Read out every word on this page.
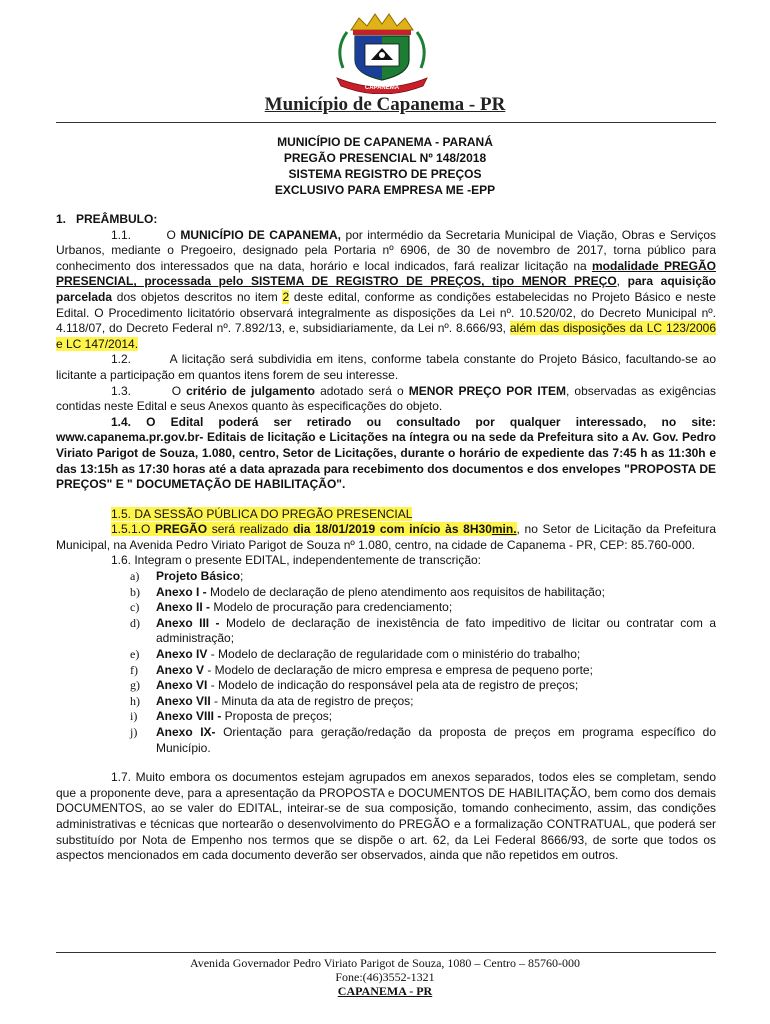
CAPANEMA
Município de Capanema - PR
MUNICÍPIO DE CAPANEMA - PARANÁ
PREGÃO PRESENCIAL Nº 148/2018
SISTEMA REGISTRO DE PREÇOS
EXCLUSIVO PARA EMPRESA ME -EPP

1.   PREÂMBULO:

1.1.	O MUNICÍPIO DE CAPANEMA, por intermédio da Secretaria Municipal de Viação, Obras e Serviços Urbanos, mediante o Pregoeiro, designado pela Portaria nº 6906, de 30 de novembro de 2017, torna público para conhecimento dos interessados que na data, horário e local indicados, fará realizar licitação na modalidade PREGÃO PRESENCIAL, processada pelo SISTEMA DE REGISTRO DE PREÇOS, tipo MENOR PREÇO, para aquisição parcelada dos objetos descritos no item 2 deste edital, conforme as condições estabelecidas no Projeto Básico e neste Edital. O Procedimento licitatório observará integralmente as disposições da Lei nº. 10.520/02, do Decreto Municipal nº. 4.118/07, do Decreto Federal nº. 7.892/13, e, subsidiariamente, da Lei nº. 8.666/93, além das disposições da LC 123/2006 e LC 147/2014.

1.2.	A licitação será subdividia em itens, conforme tabela constante do Projeto Básico, facultando-se ao licitante a participação em quantos itens forem de seu interesse.

1.3.	O critério de julgamento adotado será o MENOR PREÇO POR ITEM, observadas as exigências contidas neste Edital e seus Anexos quanto às especificações do objeto.

1.4. O Edital poderá ser retirado ou consultado por qualquer interessado, no site: www.capanema.pr.gov.br- Editais de licitação e Licitações na íntegra ou na sede da Prefeitura sito a Av. Gov. Pedro Viriato Parigot de Souza, 1.080, centro, Setor de Licitações, durante o horário de expediente das 7:45 h as 11:30h e das 13:15h as 17:30 horas até a data aprazada para recebimento dos documentos e dos envelopes "PROPOSTA DE PREÇOS" E " DOCUMETAÇÃO DE HABILITAÇÃO".

1.5. DA SESSÃO PÚBLICA DO PREGÃO PRESENCIAL

1.5.1.O PREGÃO será realizado dia 18/01/2019 com início às 8H30min., no Setor de Licitação da Prefeitura Municipal, na Avenida Pedro Viriato Parigot de Souza nº 1.080, centro, na cidade de Capanema - PR, CEP: 85.760-000.

1.6. Integram o presente EDITAL, independentemente de transcrição:

a) Projeto Básico;
b) Anexo I - Modelo de declaração de pleno atendimento aos requisitos de habilitação;
c) Anexo II - Modelo de procuração para credenciamento;
d) Anexo III - Modelo de declaração de inexistência de fato impeditivo de licitar ou contratar com a administração;
e) Anexo IV - Modelo de declaração de regularidade com o ministério do trabalho;
f) Anexo V - Modelo de declaração de micro empresa e empresa de pequeno porte;
g) Anexo VI - Modelo de indicação do responsável pela ata de registro de preços;
h) Anexo VII - Minuta da ata de registro de preços;
i) Anexo VIII - Proposta de preços;
j) Anexo IX- Orientação para geração/redação da proposta de preços em programa específico do Município.

1.7. Muito embora os documentos estejam agrupados em anexos separados, todos eles se completam, sendo que a proponente deve, para a apresentação da PROPOSTA e DOCUMENTOS DE HABILITAÇÃO, bem como dos demais DOCUMENTOS, ao se valer do EDITAL, inteirar-se de sua composição, tomando conhecimento, assim, das condições administrativas e técnicas que nortearão o desenvolvimento do PREGÃO e a formalização CONTRATUAL, que poderá ser substituído por Nota de Empenho nos termos que se dispõe o art. 62, da Lei Federal 8666/93, de sorte que todos os aspectos mencionados em cada documento deverão ser observados, ainda que não repetidos em outros.

Avenida Governador Pedro Viriato Parigot de Souza, 1080 – Centro – 85760-000
Fone:(46)3552-1321
CAPANEMA - PR
